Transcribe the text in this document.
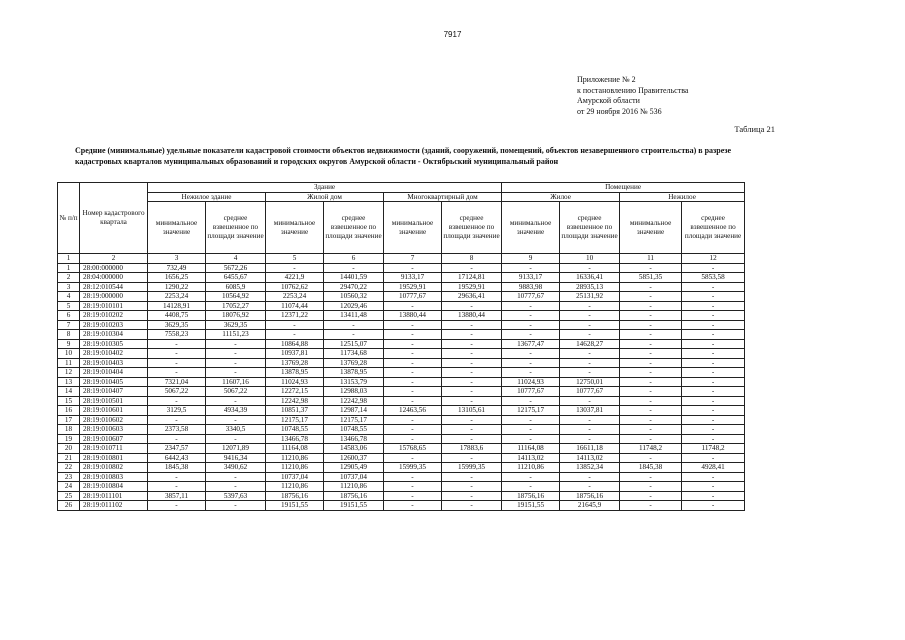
7917
Приложение № 2
к постановлению Правительства
Амурской области
от 29 ноября 2016 № 536
Таблица 21
Средние (минимальные) удельные показатели кадастровой стоимости объектов недвижимости (зданий, сооружений, помещений, объектов незавершенного строительства) в разрезе кадастровых кварталов муниципальных образований и городских округов Амурской области - Октябрьский муниципальный район
№ п/п	Номер кадастрового квартала	Здание						Помещение			
		Нежилое здание		Жилой дом		Многоквартирный дом		Жилое		Нежилое	
		минимальное значение	среднее взвешенное по площади значение	минимальное значение	среднее взвешенное по площади значение	минимальное значение	среднее взвешенное по площади значение	минимальное значение	среднее взвешенное по площади значение	минимальное значение	среднее взвешенное по площади значение
1	2	3	4	5	6	7	8	9	10	11	12
1	28:00:000000	732,49	5672,26	-	-	-	-	-	-	-	-
2	28:04:000000	1656,25	6455,67	4221,9	14401,59	9133,17	17124,81	9133,17	16336,41	5851,35	5853,58
3	28:12:010544	1290,22	6085,9	10762,62	29470,22	19529,91	19529,91	9883,98	28935,13	-	-
4	28:19:000000	2253,24	10564,92	2253,24	10560,32	10777,67	29636,41	10777,67	25131,92	-	-
5	28:19:010101	14128,91	17052,27	11074,44	12029,46	-	-	-	-	-	-
6	28:19:010202	4408,75	18076,92	12371,22	13411,48	13880,44	13880,44	-	-	-	-
7	28:19:010203	3629,35	3629,35	-	-	-	-	-	-	-	-
8	28:19:010304	7558,23	11151,23	-	-	-	-	-	-	-	-
9	28:19:010305	-	-	10864,88	12515,07	-	-	13677,47	14628,27	-	-
10	28:19:010402	-	-	10937,81	11734,68	-	-	-	-	-	-
11	28:19:010403	-	-	13769,28	13769,28	-	-	-	-	-	-
12	28:19:010404	-	-	13878,95	13878,95	-	-	-	-	-	-
13	28:19:010405	7321,04	11607,16	11024,93	13153,79	-	-	11024,93	12750,01	-	-
14	28:19:010407	5067,22	5067,22	12272,15	12988,03	-	-	10777,67	10777,67	-	-
15	28:19:010501	-	-	12242,98	12242,98	-	-	-	-	-	-
16	28:19:010601	3129,5	4934,39	10851,37	12987,14	12463,56	13105,61	12175,17	13037,81	-	-
17	28:19:010602	-	-	12175,17	12175,17	-	-	-	-	-	-
18	28:19:010603	2373,58	3340,5	10748,55	10748,55	-	-	-	-	-	-
19	28:19:010607	-	-	13466,78	13466,78	-	-	-	-	-	-
20	28:19:010711	2347,57	12071,89	11164,08	14583,06	15768,65	17883,6	11164,08	16611,18	11748,2	11748,2
21	28:19:010801	6442,43	9416,34	11210,86	12600,37	-	-	14113,02	14113,02	-	-
22	28:19:010802	1845,38	3490,62	11210,86	12905,49	15999,35	15999,35	11210,86	13852,34	1845,38	4928,41
23	28:19:010803	-	-	10737,04	10737,04	-	-	-	-	-	-
24	28:19:010804	-	-	11210,86	11210,86	-	-	-	-	-	-
25	28:19:011101	3857,11	5397,63	18756,16	18756,16	-	-	18756,16	18756,16	-	-
26	28:19:011102	-	-	19151,55	19151,55	-	-	19151,55	21645,9	-	-
